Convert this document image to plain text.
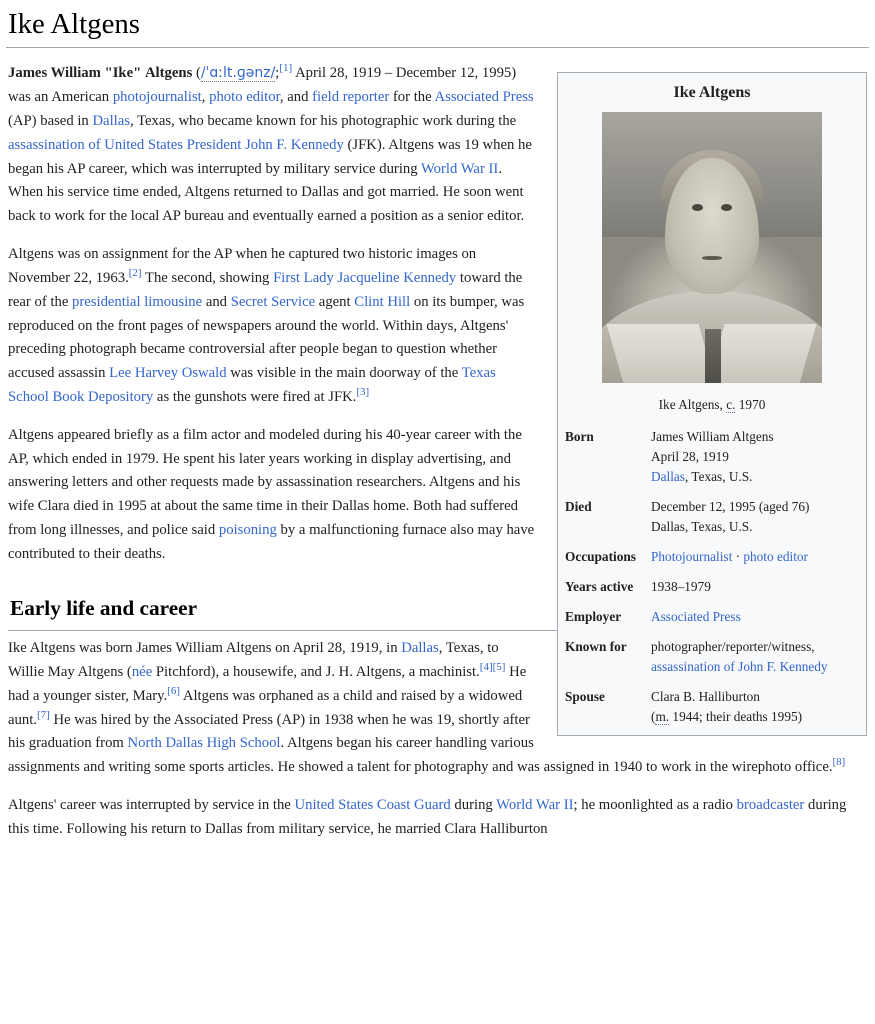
Ike Altgens
Ike Altgens
Ike Altgens, c. 1970
Born	James William Altgens
April 28, 1919
Dallas, Texas, U.S.
Died	December 12, 1995 (aged 76)
Dallas, Texas, U.S.
Occupations	Photojournalist · photo editor
Years active	1938–1979
Employer	Associated Press
Known for	photographer/reporter/witness, assassination of John F. Kennedy
Spouse	Clara B. Halliburton
(m. 1944; their deaths 1995)

James William "Ike" Altgens (/ˈɑːlt.ɡənz/;[1] April 28, 1919 – December 12, 1995) was an American photojournalist, photo editor, and field reporter for the Associated Press (AP) based in Dallas, Texas, who became known for his photographic work during the assassination of United States President John F. Kennedy (JFK). Altgens was 19 when he began his AP career, which was interrupted by military service during World War II. When his service time ended, Altgens returned to Dallas and got married. He soon went back to work for the local AP bureau and eventually earned a position as a senior editor.

Altgens was on assignment for the AP when he captured two historic images on November 22, 1963.[2] The second, showing First Lady Jacqueline Kennedy toward the rear of the presidential limousine and Secret Service agent Clint Hill on its bumper, was reproduced on the front pages of newspapers around the world. Within days, Altgens' preceding photograph became controversial after people began to question whether accused assassin Lee Harvey Oswald was visible in the main doorway of the Texas School Book Depository as the gunshots were fired at JFK.[3]

Altgens appeared briefly as a film actor and modeled during his 40-year career with the AP, which ended in 1979. He spent his later years working in display advertising, and answering letters and other requests made by assassination researchers. Altgens and his wife Clara died in 1995 at about the same time in their Dallas home. Both had suffered from long illnesses, and police said poisoning by a malfunctioning furnace also may have contributed to their deaths.

Early life and career

Ike Altgens was born James William Altgens on April 28, 1919, in Dallas, Texas, to Willie May Altgens (née Pitchford), a housewife, and J. H. Altgens, a machinist.[4][5] He had a younger sister, Mary.[6] Altgens was orphaned as a child and raised by a widowed aunt.[7] He was hired by the Associated Press (AP) in 1938 when he was 19, shortly after his graduation from North Dallas High School. Altgens began his career handling various assignments and writing some sports articles. He showed a talent for photography and was assigned in 1940 to work in the wirephoto office.[8]

Altgens' career was interrupted by service in the United States Coast Guard during World War II; he moonlighted as a radio broadcaster during this time. Following his return to Dallas from military service, he married Clara Halliburton
